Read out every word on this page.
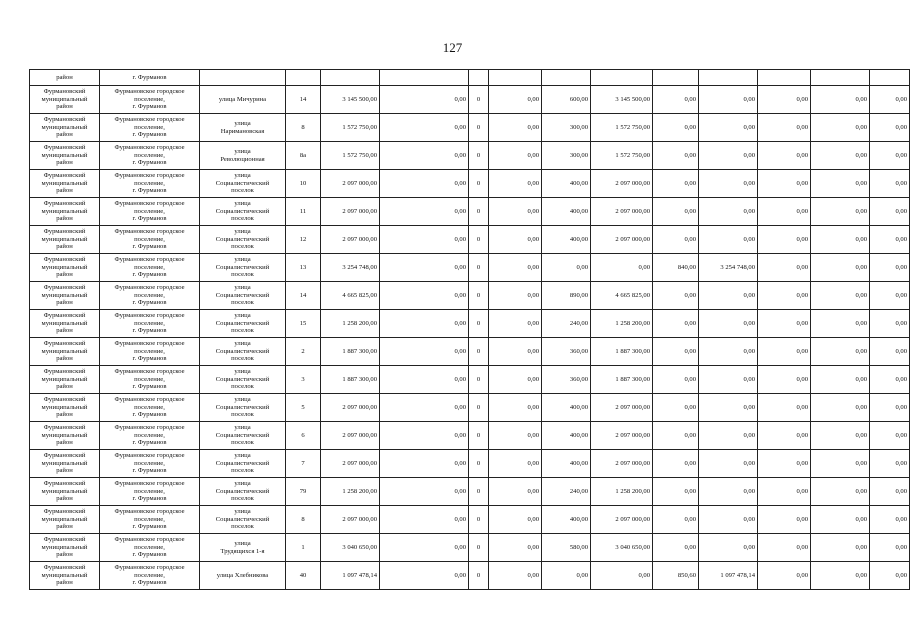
127
район	г. Фурманов													

Фурмановский
муниципальный
район	Фурмановское городское
поселение,
г. Фурманов	улица Мичурина	14	3 145 500,00	0,00	0	0,00	600,00	3 145 500,00	0,00	0,00	0,00	0,00	0,00

Фурмановский
муниципальный
район	Фурмановское городское
поселение,
г. Фурманов	улица
Наримановская	8	1 572 750,00	0,00	0	0,00	300,00	1 572 750,00	0,00	0,00	0,00	0,00	0,00

Фурмановский
муниципальный
район	Фурмановское городское
поселение,
г. Фурманов	улица
Революционная	8а	1 572 750,00	0,00	0	0,00	300,00	1 572 750,00	0,00	0,00	0,00	0,00	0,00

Фурмановский
муниципальный
район	Фурмановское городское
поселение,
г. Фурманов	улица
Социалистический
поселок	10	2 097 000,00	0,00	0	0,00	400,00	2 097 000,00	0,00	0,00	0,00	0,00	0,00

Фурмановский
муниципальный
район	Фурмановское городское
поселение,
г. Фурманов	улица
Социалистический
поселок	11	2 097 000,00	0,00	0	0,00	400,00	2 097 000,00	0,00	0,00	0,00	0,00	0,00

Фурмановский
муниципальный
район	Фурмановское городское
поселение,
г. Фурманов	улица
Социалистический
поселок	12	2 097 000,00	0,00	0	0,00	400,00	2 097 000,00	0,00	0,00	0,00	0,00	0,00

Фурмановский
муниципальный
район	Фурмановское городское
поселение,
г. Фурманов	улица
Социалистический
поселок	13	3 254 748,00	0,00	0	0,00	0,00	0,00	840,00	3 254 748,00	0,00	0,00	0,00

Фурмановский
муниципальный
район	Фурмановское городское
поселение,
г. Фурманов	улица
Социалистический
поселок	14	4 665 825,00	0,00	0	0,00	890,00	4 665 825,00	0,00	0,00	0,00	0,00	0,00

Фурмановский
муниципальный
район	Фурмановское городское
поселение,
г. Фурманов	улица
Социалистический
поселок	15	1 258 200,00	0,00	0	0,00	240,00	1 258 200,00	0,00	0,00	0,00	0,00	0,00

Фурмановский
муниципальный
район	Фурмановское городское
поселение,
г. Фурманов	улица
Социалистический
поселок	2	1 887 300,00	0,00	0	0,00	360,00	1 887 300,00	0,00	0,00	0,00	0,00	0,00

Фурмановский
муниципальный
район	Фурмановское городское
поселение,
г. Фурманов	улица
Социалистический
поселок	3	1 887 300,00	0,00	0	0,00	360,00	1 887 300,00	0,00	0,00	0,00	0,00	0,00

Фурмановский
муниципальный
район	Фурмановское городское
поселение,
г. Фурманов	улица
Социалистический
поселок	5	2 097 000,00	0,00	0	0,00	400,00	2 097 000,00	0,00	0,00	0,00	0,00	0,00

Фурмановский
муниципальный
район	Фурмановское городское
поселение,
г. Фурманов	улица
Социалистический
поселок	6	2 097 000,00	0,00	0	0,00	400,00	2 097 000,00	0,00	0,00	0,00	0,00	0,00

Фурмановский
муниципальный
район	Фурмановское городское
поселение,
г. Фурманов	улица
Социалистический
поселок	7	2 097 000,00	0,00	0	0,00	400,00	2 097 000,00	0,00	0,00	0,00	0,00	0,00

Фурмановский
муниципальный
район	Фурмановское городское
поселение,
г. Фурманов	улица
Социалистический
поселок	79	1 258 200,00	0,00	0	0,00	240,00	1 258 200,00	0,00	0,00	0,00	0,00	0,00

Фурмановский
муниципальный
район	Фурмановское городское
поселение,
г. Фурманов	улица
Социалистический
поселок	8	2 097 000,00	0,00	0	0,00	400,00	2 097 000,00	0,00	0,00	0,00	0,00	0,00

Фурмановский
муниципальный
район	Фурмановское городское
поселение,
г. Фурманов	улица
Трудящихся 1-я	1	3 040 650,00	0,00	0	0,00	580,00	3 040 650,00	0,00	0,00	0,00	0,00	0,00

Фурмановский
муниципальный
район	Фурмановское городское
поселение,
г. Фурманов	улица Хлебникова	40	1 097 478,14	0,00	0	0,00	0,00	0,00	850,60	1 097 478,14	0,00	0,00	0,00
